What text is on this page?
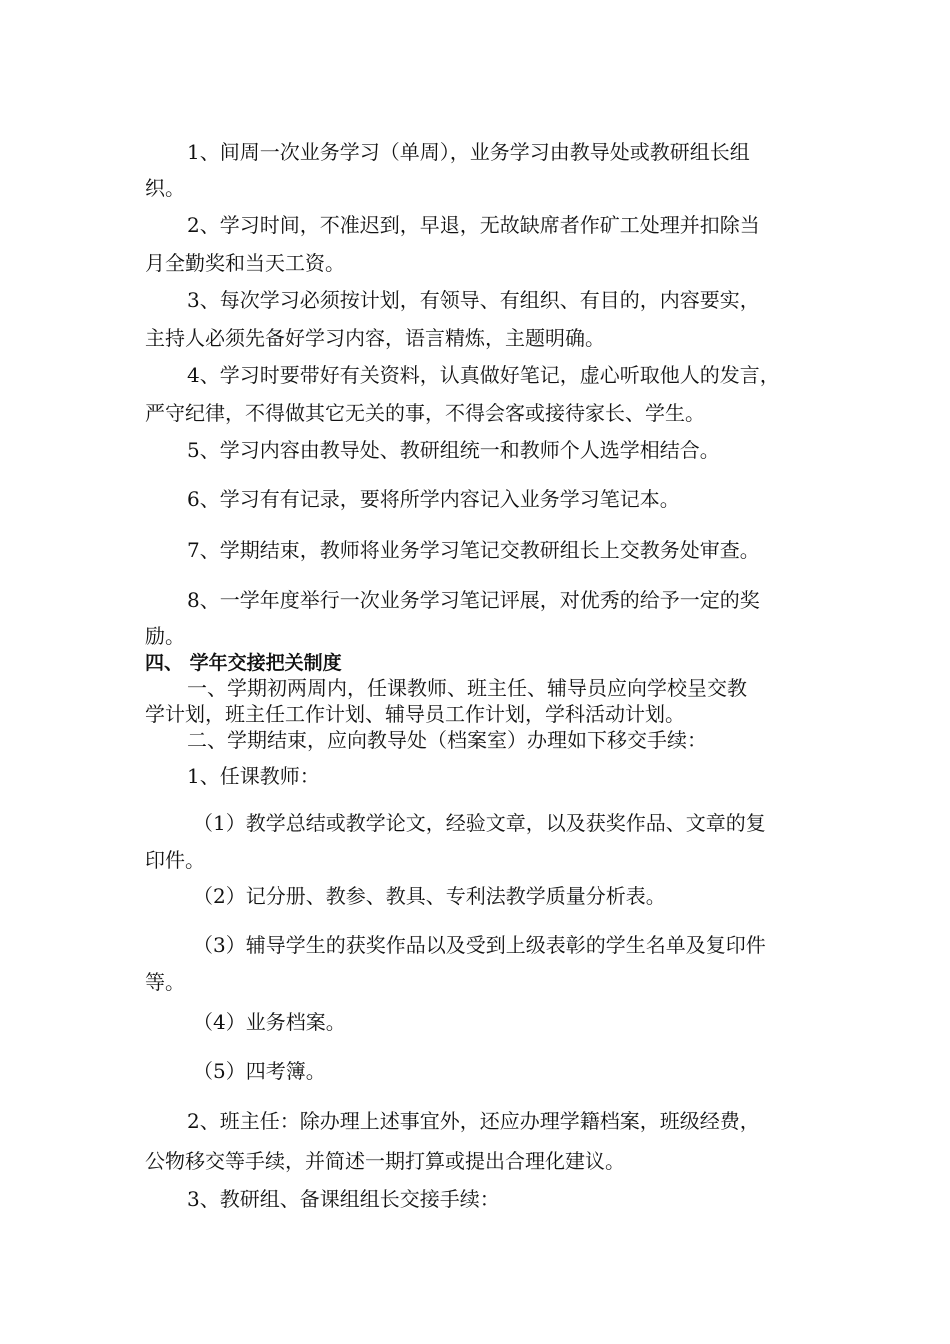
1、间周一次业务学习（单周），业务学习由教导处或教研组长组
织。
2、学习时间，不准迟到，早退，无故缺席者作矿工处理并扣除当
月全勤奖和当天工资。
3、每次学习必须按计划，有领导、有组织、有目的，内容要实，
主持人必须先备好学习内容，语言精炼，主题明确。
4、学习时要带好有关资料，认真做好笔记，虚心听取他人的发言，
严守纪律，不得做其它无关的事，不得会客或接待家长、学生。
5、学习内容由教导处、教研组统一和教师个人选学相结合。
6、学习有有记录，要将所学内容记入业务学习笔记本。
7、学期结束，教师将业务学习笔记交教研组长上交教务处审查。
8、一学年度举行一次业务学习笔记评展，对优秀的给予一定的奖
励。
四、 学年交接把关制度
一、学期初两周内，任课教师、班主任、辅导员应向学校呈交教
学计划，班主任工作计划、辅导员工作计划，学科活动计划。
二、学期结束，应向教导处（档案室）办理如下移交手续：
1、任课教师：
（1）教学总结或教学论文，经验文章，以及获奖作品、文章的复
印件。
（2）记分册、教参、教具、专利法教学质量分析表。
（3）辅导学生的获奖作品以及受到上级表彰的学生名单及复印件
等。
（4）业务档案。
（5）四考簿。
2、班主任：除办理上述事宜外，还应办理学籍档案，班级经费，
公物移交等手续，并简述一期打算或提出合理化建议。
3、教研组、备课组组长交接手续：
